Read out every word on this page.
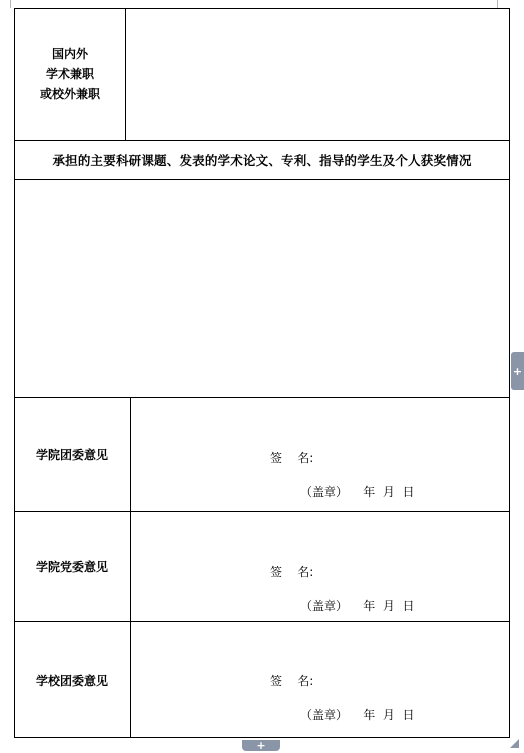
国内外
学术兼职
或校外兼职
承担的主要科研课题、发表的学术论文、专利、指导的学生及个人获奖情况
学院团委意见	签    名:
（盖章）    年  月  日
学院党委意见	签    名:
（盖章）    年  月  日
学校团委意见	签    名:
（盖章）    年  月  日
+
+
